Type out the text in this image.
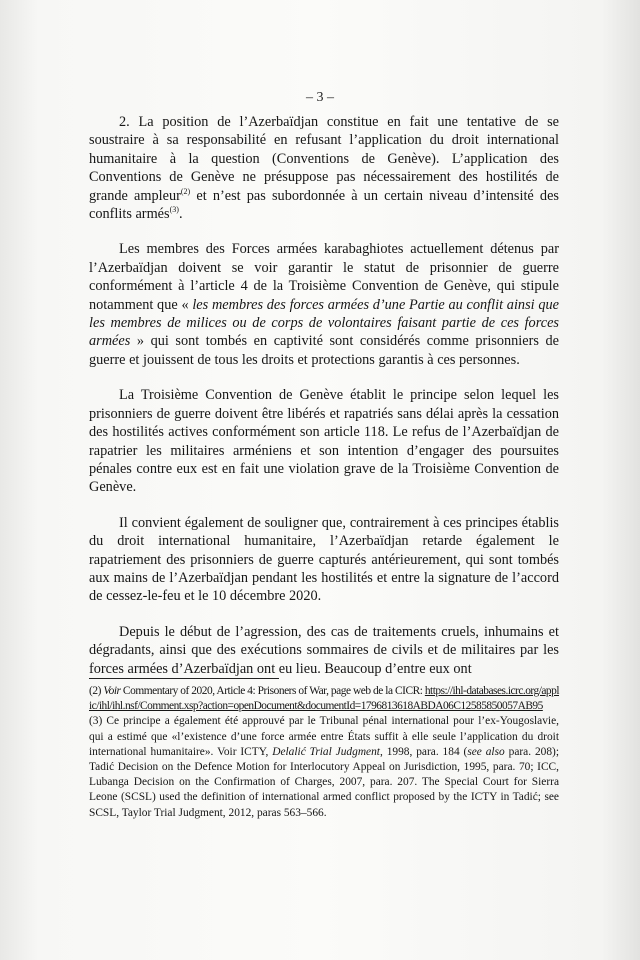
– 3 –

2. La position de l’Azerbaïdjan constitue en fait une tentative de se soustraire à sa responsabilité en refusant l’application du droit international humanitaire à la question (Conventions de Genève). L’application des Conventions de Genève ne présuppose pas nécessairement des hostilités de grande ampleur$^{(2)}$ et n’est pas subordonnée à un certain niveau d’intensité des conflits armés$^{(3)}$.

Les membres des Forces armées karabaghiotes actuellement détenus par l’Azerbaïdjan doivent se voir garantir le statut de prisonnier de guerre conformément à l’article 4 de la Troisième Convention de Genève, qui stipule notamment que « les membres des forces armées d’une Partie au conflit ainsi que les membres de milices ou de corps de volontaires faisant partie de ces forces armées » qui sont tombés en captivité sont considérés comme prisonniers de guerre et jouissent de tous les droits et protections garantis à ces personnes.

La Troisième Convention de Genève établit le principe selon lequel les prisonniers de guerre doivent être libérés et rapatriés sans délai après la cessation des hostilités actives conformément son article 118. Le refus de l’Azerbaïdjan de rapatrier les militaires arméniens et son intention d’engager des poursuites pénales contre eux est en fait une violation grave de la Troisième Convention de Genève.

Il convient également de souligner que, contrairement à ces principes établis du droit international humanitaire, l’Azerbaïdjan retarde également le rapatriement des prisonniers de guerre capturés antérieurement, qui sont tombés aux mains de l’Azerbaïdjan pendant les hostilités et entre la signature de l’accord de cessez-le-feu et le 10 décembre 2020.

Depuis le début de l’agression, des cas de traitements cruels, inhumains et dégradants, ainsi que des exécutions sommaires de civils et de militaires par les forces armées d’Azerbaïdjan ont eu lieu. Beaucoup d’entre eux ont

(2) Voir Commentary of 2020, Article 4: Prisoners of War, page web de la CICR: https://ihl-databases.icrc.org/applic/ihl/ihl.nsf/Comment.xsp?action=openDocument&documentId=1796813618ABDA06C12585850057AB95

(3) Ce principe a également été approuvé par le Tribunal pénal international pour l’ex-Yougoslavie, qui a estimé que «l’existence d’une force armée entre États suffit à elle seule l’application du droit international humanitaire». Voir ICTY, Delalić Trial Judgment, 1998, para. 184 (see also para. 208); Tadić Decision on the Defence Motion for Interlocutory Appeal on Jurisdiction, 1995, para. 70; ICC, Lubanga Decision on the Confirmation of Charges, 2007, para. 207. The Special Court for Sierra Leone (SCSL) used the definition of international armed conflict proposed by the ICTY in Tadić; see SCSL, Taylor Trial Judgment, 2012, paras 563–566.
